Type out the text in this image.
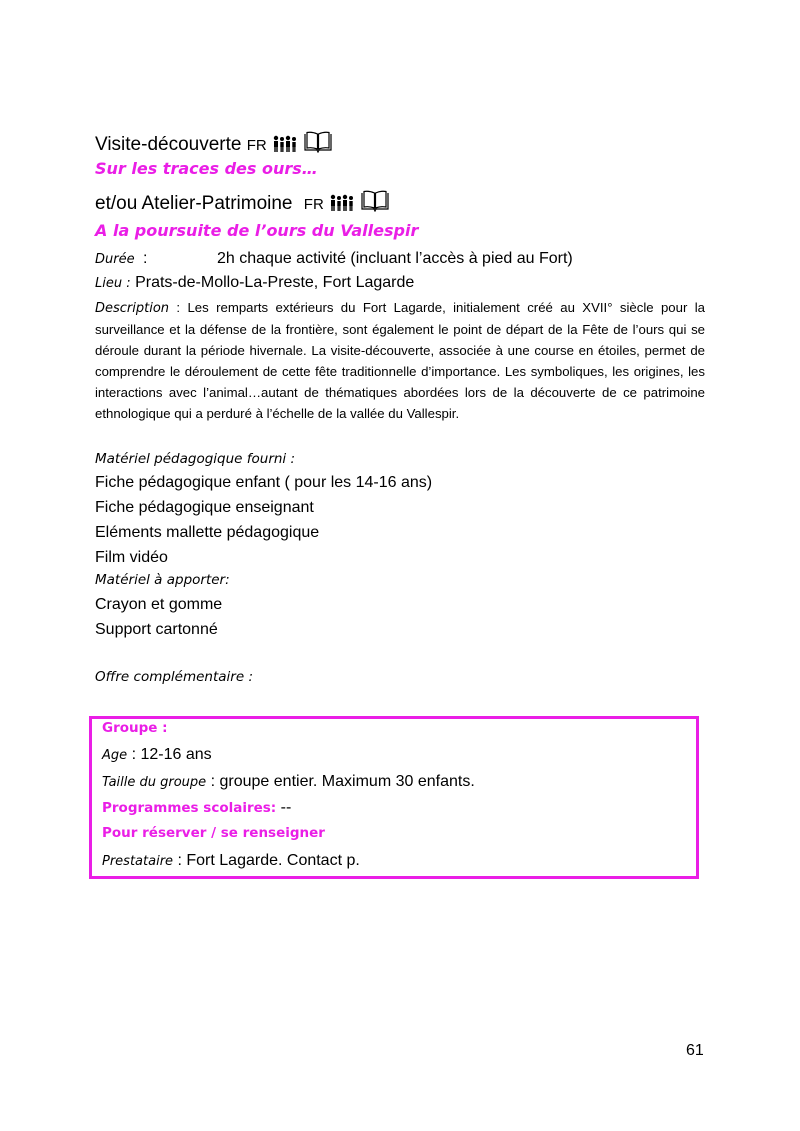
Visite-découverte FR
Sur les traces des ours…
et/ou Atelier-Patrimoine FR
A la poursuite de l’ours du Vallespir
Durée :	2h chaque activité (incluant l’accès à pied au Fort)
Lieu : Prats-de-Mollo-La-Preste, Fort Lagarde
Description : Les remparts extérieurs du Fort Lagarde, initialement créé au XVII° siècle pour la surveillance et la défense de la frontière, sont également le point de départ de la Fête de l’ours qui se déroule durant la période hivernale. La visite-découverte, associée à une course en étoiles, permet de comprendre le déroulement de cette fête traditionnelle d’importance. Les symboliques, les origines, les interactions avec l’animal…autant de thématiques abordées lors de la découverte de ce patrimoine ethnologique qui a perduré à l’échelle de la vallée du Vallespir.
Matériel pédagogique fourni :
Fiche pédagogique enfant ( pour les 14-16 ans)
Fiche pédagogique enseignant
Eléments mallette pédagogique
Film vidéo
Matériel à apporter:
Crayon et gomme
Support cartonné
Offre complémentaire :
Groupe :
Age : 12-16 ans
Taille du groupe : groupe entier. Maximum 30 enfants.
Programmes scolaires: --
Pour réserver / se renseigner
Prestataire : Fort Lagarde. Contact p.
61
